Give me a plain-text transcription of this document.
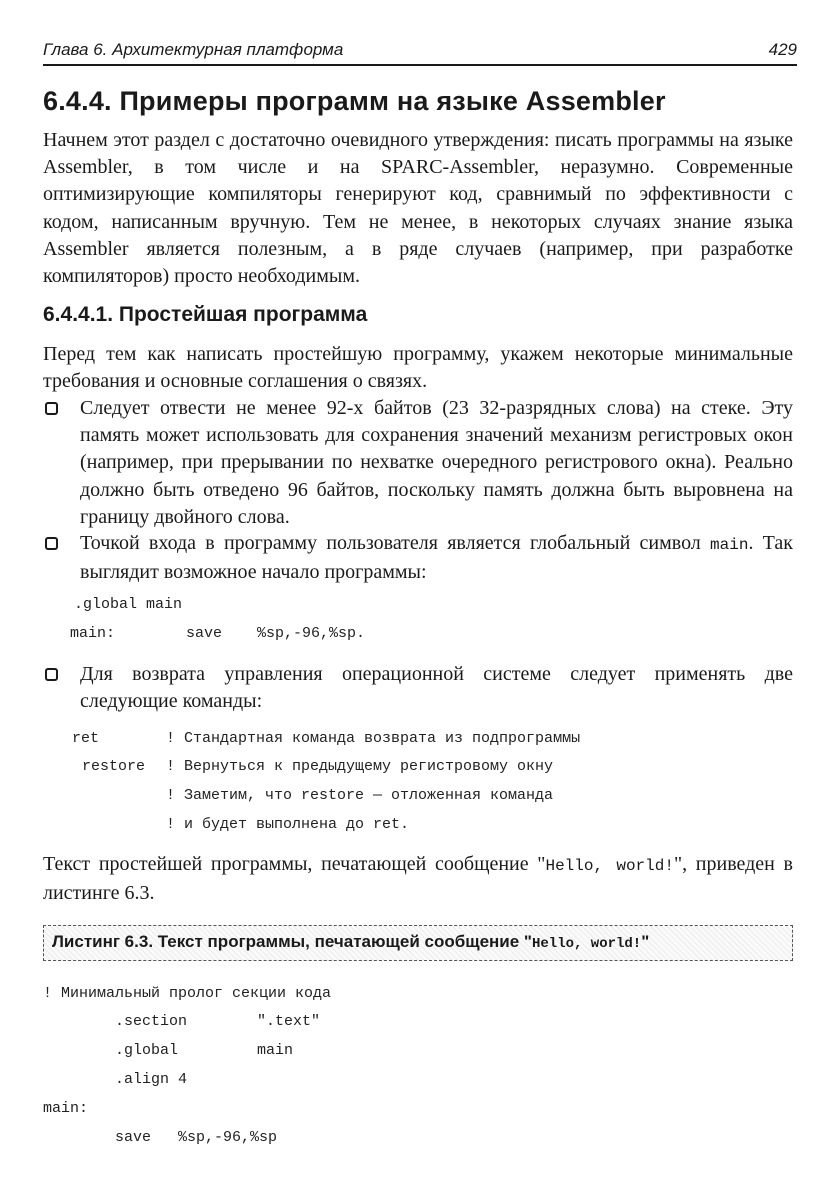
Глава 6. Архитектурная платформа	429
6.4.4. Примеры программ на языке Assembler
Начнем этот раздел с достаточно очевидного утверждения: писать программы на языке Assembler, в том числе и на SPARC-Assembler, неразумно. Современные оптимизирующие компиляторы генерируют код, сравнимый по эффективности с кодом, написанным вручную. Тем не менее, в некоторых случаях знание языка Assembler является полезным, а в ряде случаев (например, при разработке компиляторов) просто необходимым.
6.4.4.1. Простейшая программа
Перед тем как написать простейшую программу, укажем некоторые минимальные требования и основные соглашения о связях.
Следует отвести не менее 92-х байтов (23 32-разрядных слова) на стеке. Эту память может использовать для сохранения значений механизм регистровых окон (например, при прерывании по нехватке очередного регистрового окна). Реально должно быть отведено 96 байтов, поскольку память должна быть выровнена на границу двойного слова.
Точкой входа в программу пользователя является глобальный символ main. Так выглядит возможное начало программы:
.global main
main:	save %sp,-96,%sp.
Для возврата управления операционной системе следует применять две следующие команды:
ret	! Стандартная команда возврата из подпрограммы
restore ! Вернуться к предыдущему регистровому окну
! Заметим, что restore — отложенная команда
! и будет выполнена до ret.
Текст простейшей программы, печатающей сообщение "Hello, world!", приведен в листинге 6.3.
Листинг 6.3. Текст программы, печатающей сообщение "Hello, world!"
! Минимальный пролог секции кода
.section	".text"
.global	main
.align 4
main:
save   %sp,-96,%sp
